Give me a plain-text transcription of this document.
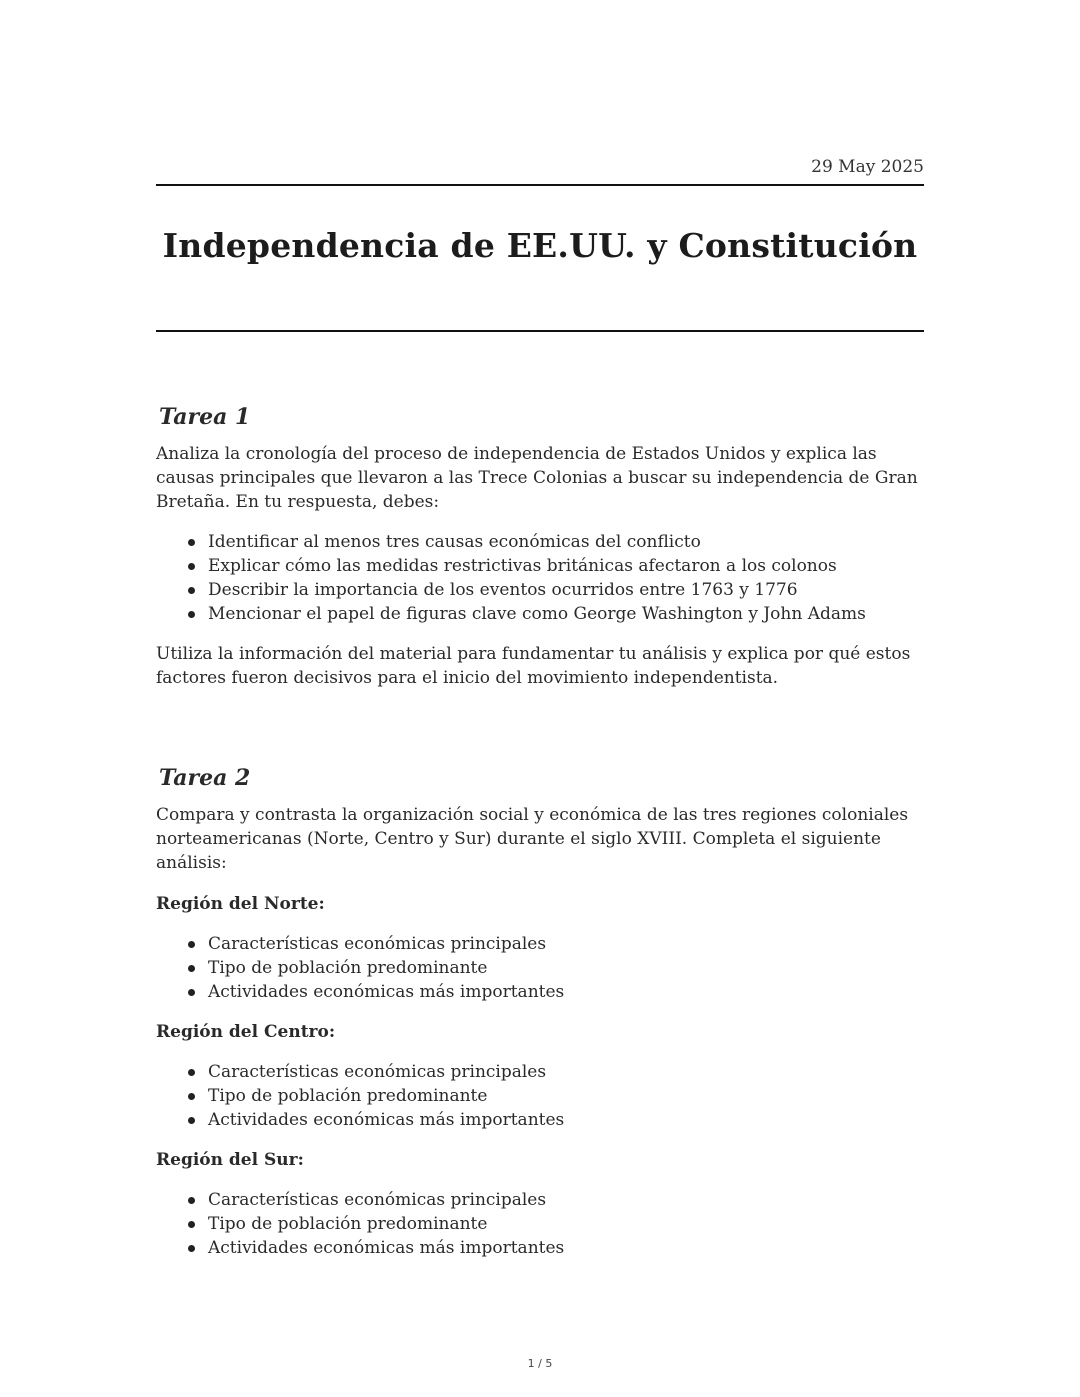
29 May 2025
Independencia de EE.UU. y Constitución
Tarea 1

Analiza la cronología del proceso de independencia de Estados Unidos y explica las causas principales que llevaron a las Trece Colonias a buscar su independencia de Gran Bretaña. En tu respuesta, debes:

Identificar al menos tres causas económicas del conflicto
Explicar cómo las medidas restrictivas británicas afectaron a los colonos
Describir la importancia de los eventos ocurridos entre 1763 y 1776
Mencionar el papel de figuras clave como George Washington y John Adams

Utiliza la información del material para fundamentar tu análisis y explica por qué estos factores fueron decisivos para el inicio del movimiento independentista.

Tarea 2

Compara y contrasta la organización social y económica de las tres regiones coloniales norteamericanas (Norte, Centro y Sur) durante el siglo XVIII. Completa el siguiente análisis:

Región del Norte:

Características económicas principales
Tipo de población predominante
Actividades económicas más importantes

Región del Centro:

Características económicas principales
Tipo de población predominante
Actividades económicas más importantes

Región del Sur:

Características económicas principales
Tipo de población predominante
Actividades económicas más importantes
1 / 5
